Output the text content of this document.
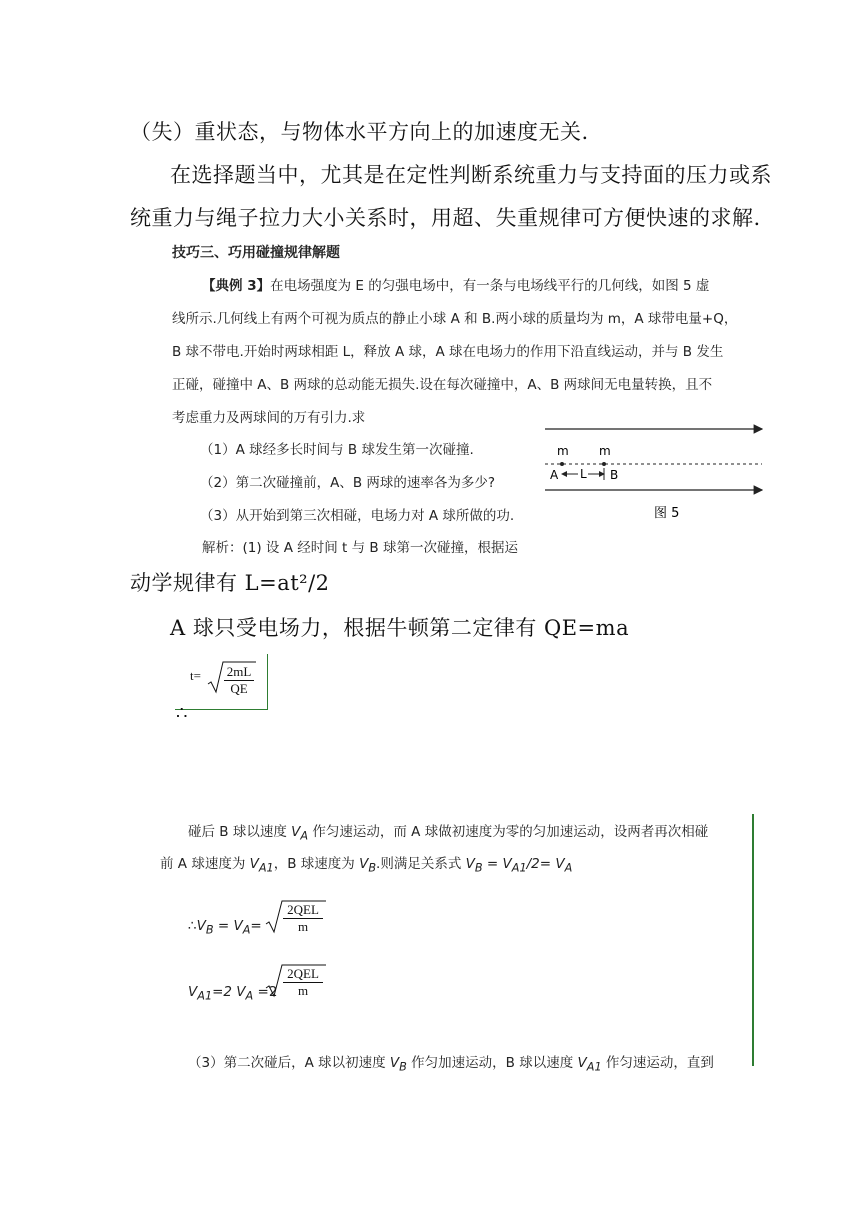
（失）重状态，与物体水平方向上的加速度无关.
在选择题当中，尤其是在定性判断系统重力与支持面的压力或系
统重力与绳子拉力大小关系时，用超、失重规律可方便快速的求解.
技巧三、巧用碰撞规律解题
【典例 3】在电场强度为 E 的匀强电场中，有一条与电场线平行的几何线，如图 5 虚
线所示.几何线上有两个可视为质点的静止小球 A 和 B.两小球的质量均为 m，A 球带电量+Q，
B 球不带电.开始时两球相距 L，释放 A 球，A 球在电场力的作用下沿直线运动，并与 B 发生
正碰，碰撞中 A、B 两球的总动能无损失.设在每次碰撞中，A、B 两球间无电量转换，且不
考虑重力及两球间的万有引力.求
（1）A 球经多长时间与 B 球发生第一次碰撞.
（2）第二次碰撞前，A、B 两球的速率各为多少?
（3）从开始到第三次相碰，电场力对 A 球所做的功.
m	m
A L B
图 5
解析：(1) 设 A 经时间 t 与 B 球第一次碰撞，根据运
动学规律有 L=at²/2
A 球只受电场力，根据牛顿第二定律有 QE=ma
$t= \frac{2mL}{QE}$
∴
碰后 B 球以速度 $V_A$ 作匀速运动，而 A 球做初速度为零的匀加速运动，设两者再次相碰
前 A 球速度为 $V_{A1}$，B 球速度为 $V_B$.则满足关系式 $V_B = V_{A1}/2= V_A$
$\therefore V_B = V_A=$
2QEL
m
$V_{A1}=2$ $V_A =2$
2QEL
m
（3）第二次碰后，A 球以初速度 $V_B$ 作匀加速运动，B 球以速度 $V_{A1}$ 作匀速运动，直到
